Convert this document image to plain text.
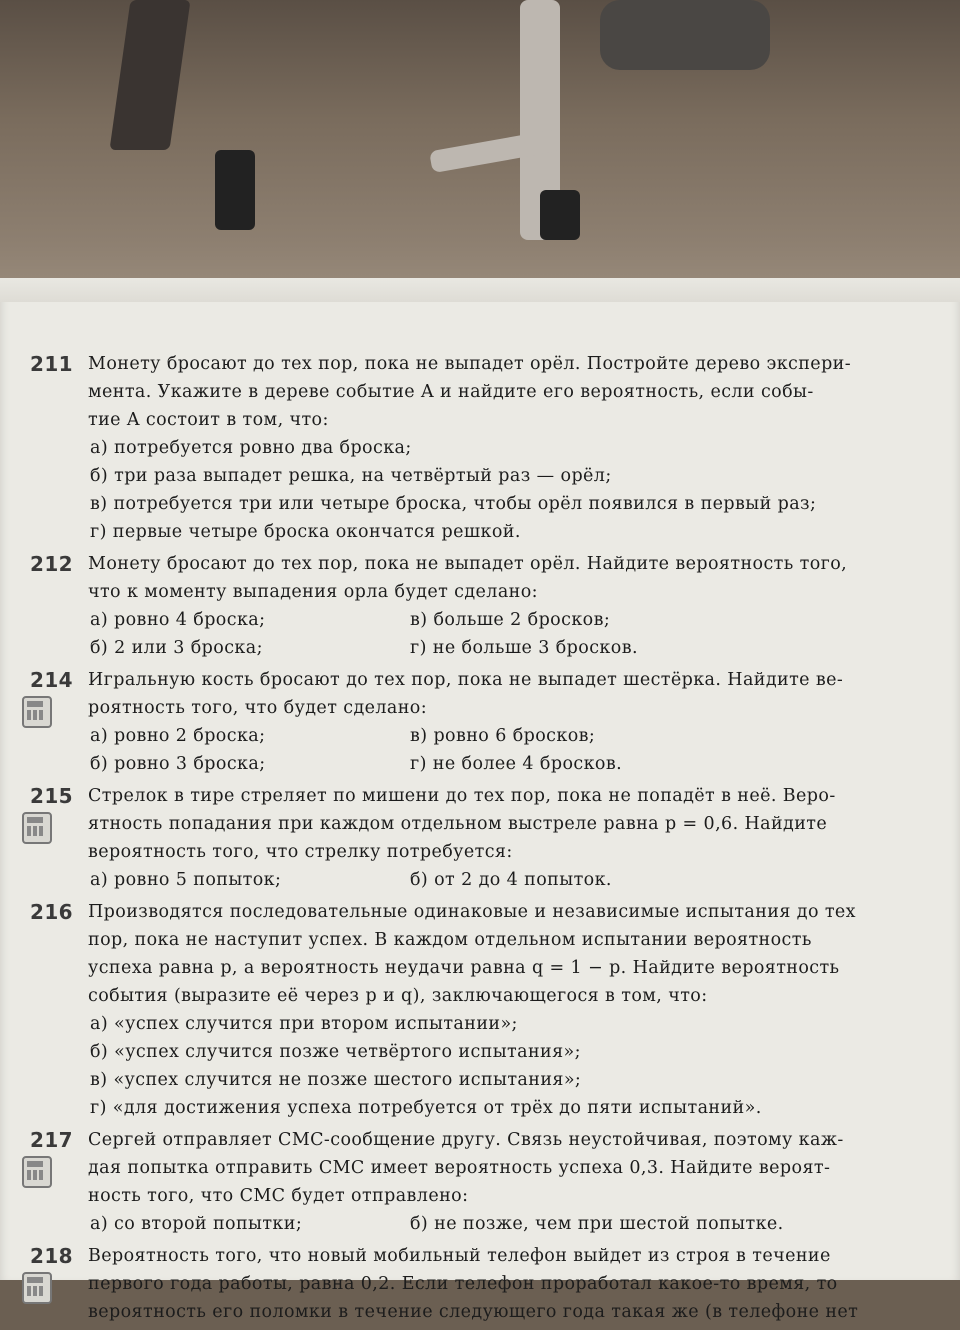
211 Монету бросают до тех пор, пока не выпадет орёл. Постройте дерево экспери-
мента. Укажите в дереве событие A и найдите его вероятность, если собы-
тие A состоит в том, что:
а) потребуется ровно два броска;
б) три раза выпадет решка, на четвёртый раз — орёл;
в) потребуется три или четыре броска, чтобы орёл появился в первый раз;
г) первые четыре броска окончатся решкой.
212 Монету бросают до тех пор, пока не выпадет орёл. Найдите вероятность того,
что к моменту выпадения орла будет сделано:
а) ровно 4 броска;
б) 2 или 3 броска;
в) больше 2 бросков;
г) не больше 3 бросков.
214 Игральную кость бросают до тех пор, пока не выпадет шестёрка. Найдите ве-
роятность того, что будет сделано:
а) ровно 2 броска;
б) ровно 3 броска;
в) ровно 6 бросков;
г) не более 4 бросков.
215 Стрелок в тире стреляет по мишени до тех пор, пока не попадёт в неё. Веро-
ятность попадания при каждом отдельном выстреле равна p = 0,6. Найдите
вероятность того, что стрелку потребуется:
а) ровно 5 попыток;	б) от 2 до 4 попыток.
216 Производятся последовательные одинаковые и независимые испытания до тех
пор, пока не наступит успех. В каждом отдельном испытании вероятность
успеха равна p, а вероятность неудачи равна q = 1 − p. Найдите вероятность
события (выразите её через p и q), заключающегося в том, что:
а) «успех случится при втором испытании»;
б) «успех случится позже четвёртого испытания»;
в) «успех случится не позже шестого испытания»;
г) «для достижения успеха потребуется от трёх до пяти испытаний».
217 Сергей отправляет СМС-сообщение другу. Связь неустойчивая, поэтому каж-
дая попытка отправить СМС имеет вероятность успеха 0,3. Найдите вероят-
ность того, что СМС будет отправлено:
а) со второй попытки;	б) не позже, чем при шестой попытке.
218 Вероятность того, что новый мобильный телефон выйдет из строя в течение
первого года работы, равна 0,2. Если телефон проработал какое-то время, то
вероятность его поломки в течение следующего года такая же (в телефоне нет
